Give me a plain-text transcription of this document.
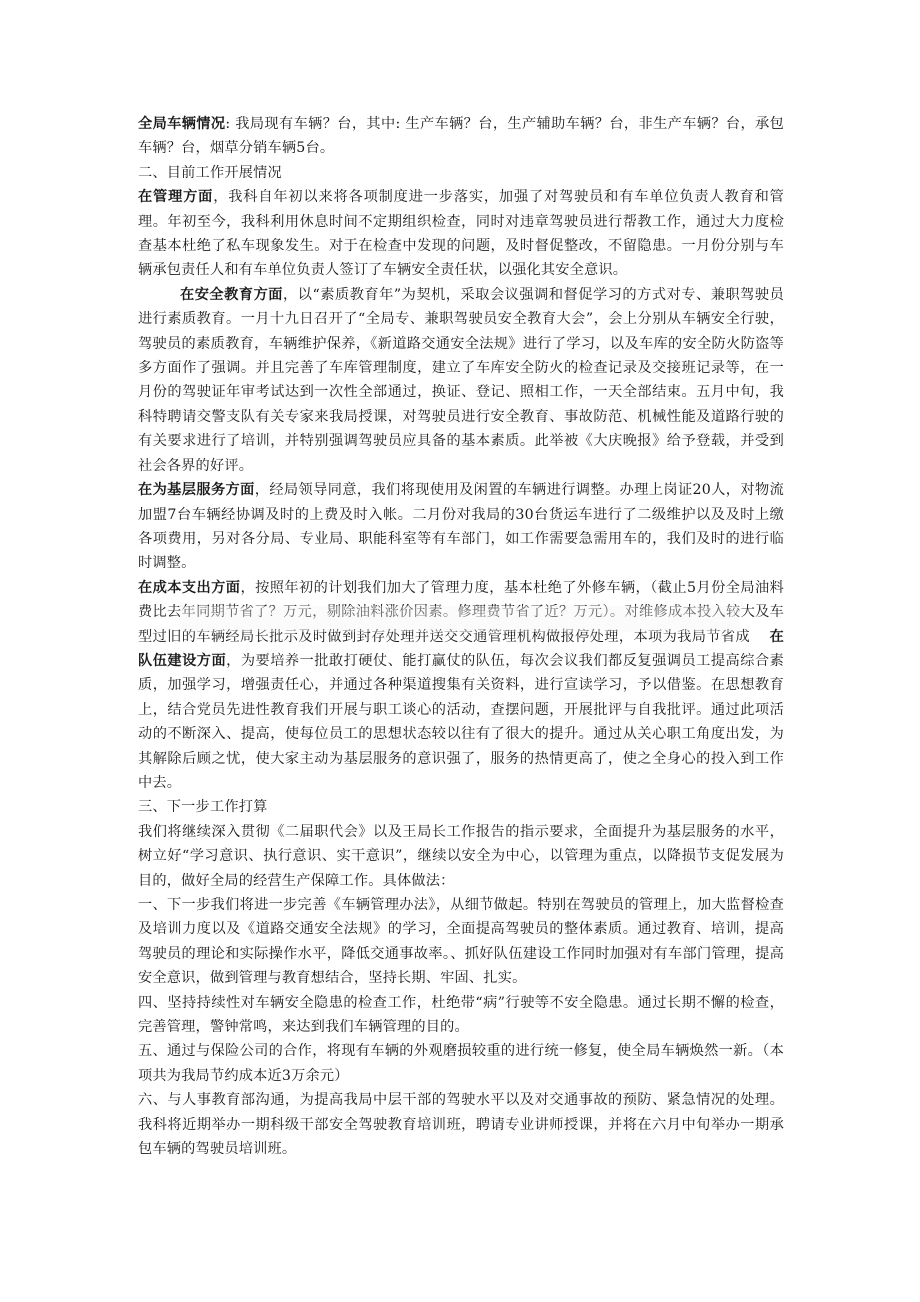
全局车辆情况: 我局现有车辆？台，其中: 生产车辆？台，生产辅助车辆？台，非生产车辆？台，承包车辆？台，烟草分销车辆5台。

二、目前工作开展情况

在管理方面，我科自年初以来将各项制度进一步落实，加强了对驾驶员和有车单位负责人教育和管理。年初至今，我科利用休息时间不定期组织检查，同时对违章驾驶员进行帮教工作，通过大力度检查基本杜绝了私车现象发生。对于在检查中发现的问题，及时督促整改，不留隐患。一月份分别与车辆承包责任人和有车单位负责人签订了车辆安全责任状，以强化其安全意识。

在安全教育方面，以“素质教育年”为契机，采取会议强调和督促学习的方式对专、兼职驾驶员进行素质教育。一月十九日召开了“全局专、兼职驾驶员安全教育大会”，会上分别从车辆安全行驶，驾驶员的素质教育，车辆维护保养，《新道路交通安全法规》进行了学习，以及车库的安全防火防盗等多方面作了强调。并且完善了车库管理制度，建立了车库安全防火的检查记录及交接班记录等，在一月份的驾驶证年审考试达到一次性全部通过，换证、登记、照相工作，一天全部结束。五月中旬，我科特聘请交警支队有关专家来我局授课，对驾驶员进行安全教育、事故防范、机械性能及道路行驶的有关要求进行了培训，并特别强调驾驶员应具备的基本素质。此举被《大庆晚报》给予登载，并受到社会各界的好评。

在为基层服务方面，经局领导同意，我们将现使用及闲置的车辆进行调整。办理上岗证20人，对物流加盟7台车辆经协调及时的上费及时入帐。二月份对我局的30台货运车进行了二级维护以及及时上缴各项费用，另对各分局、专业局、职能科室等有车部门，如工作需要急需用车的，我们及时的进行临时调整。

在成本支出方面，按照年初的计划我们加大了管理力度，基本杜绝了外修车辆，（截止5月份全局油料费比去年同期节省了？万元，剔除油料涨价因素。修理费节省了近？万元）。对维修成本投入较大及车型过旧的车辆经局长批示及时做到封存处理并送交交通管理机构做报停处理，本项为我局节省成 在队伍建设方面，为要培养一批敢打硬仗、能打赢仗的队伍，每次会议我们都反复强调员工提高综合素质，加强学习，增强责任心，并通过各种渠道搜集有关资料，进行宣读学习，予以借鉴。在思想教育上，结合党员先进性教育我们开展与职工谈心的活动，查摆问题，开展批评与自我批评。通过此项活动的不断深入、提高，使每位员工的思想状态较以往有了很大的提升。通过从关心职工角度出发，为其解除后顾之忧，使大家主动为基层服务的意识强了，服务的热情更高了，使之全身心的投入到工作中去。

三、下一步工作打算

我们将继续深入贯彻《二届职代会》以及王局长工作报告的指示要求，全面提升为基层服务的水平，树立好“学习意识、执行意识、实干意识”，继续以安全为中心，以管理为重点，以降损节支促发展为目的，做好全局的经营生产保障工作。具体做法：

一、下一步我们将进一步完善《车辆管理办法》，从细节做起。特别在驾驶员的管理上，加大监督检查及培训力度以及《道路交通安全法规》的学习，全面提高驾驶员的整体素质。通过教育、培训，提高驾驶员的理论和实际操作水平，降低交通事故率。、抓好队伍建设工作同时加强对有车部门管理，提高安全意识，做到管理与教育想结合，坚持长期、牢固、扎实。

四、坚持持续性对车辆安全隐患的检查工作，杜绝带“病”行驶等不安全隐患。通过长期不懈的检查，完善管理，警钟常鸣，来达到我们车辆管理的目的。

五、通过与保险公司的合作，将现有车辆的外观磨损较重的进行统一修复，使全局车辆焕然一新。（本项共为我局节约成本近3万余元）

六、与人事教育部沟通，为提高我局中层干部的驾驶水平以及对交通事故的预防、紧急情况的处理。我科将近期举办一期科级干部安全驾驶教育培训班，聘请专业讲师授课，并将在六月中旬举办一期承包车辆的驾驶员培训班。
